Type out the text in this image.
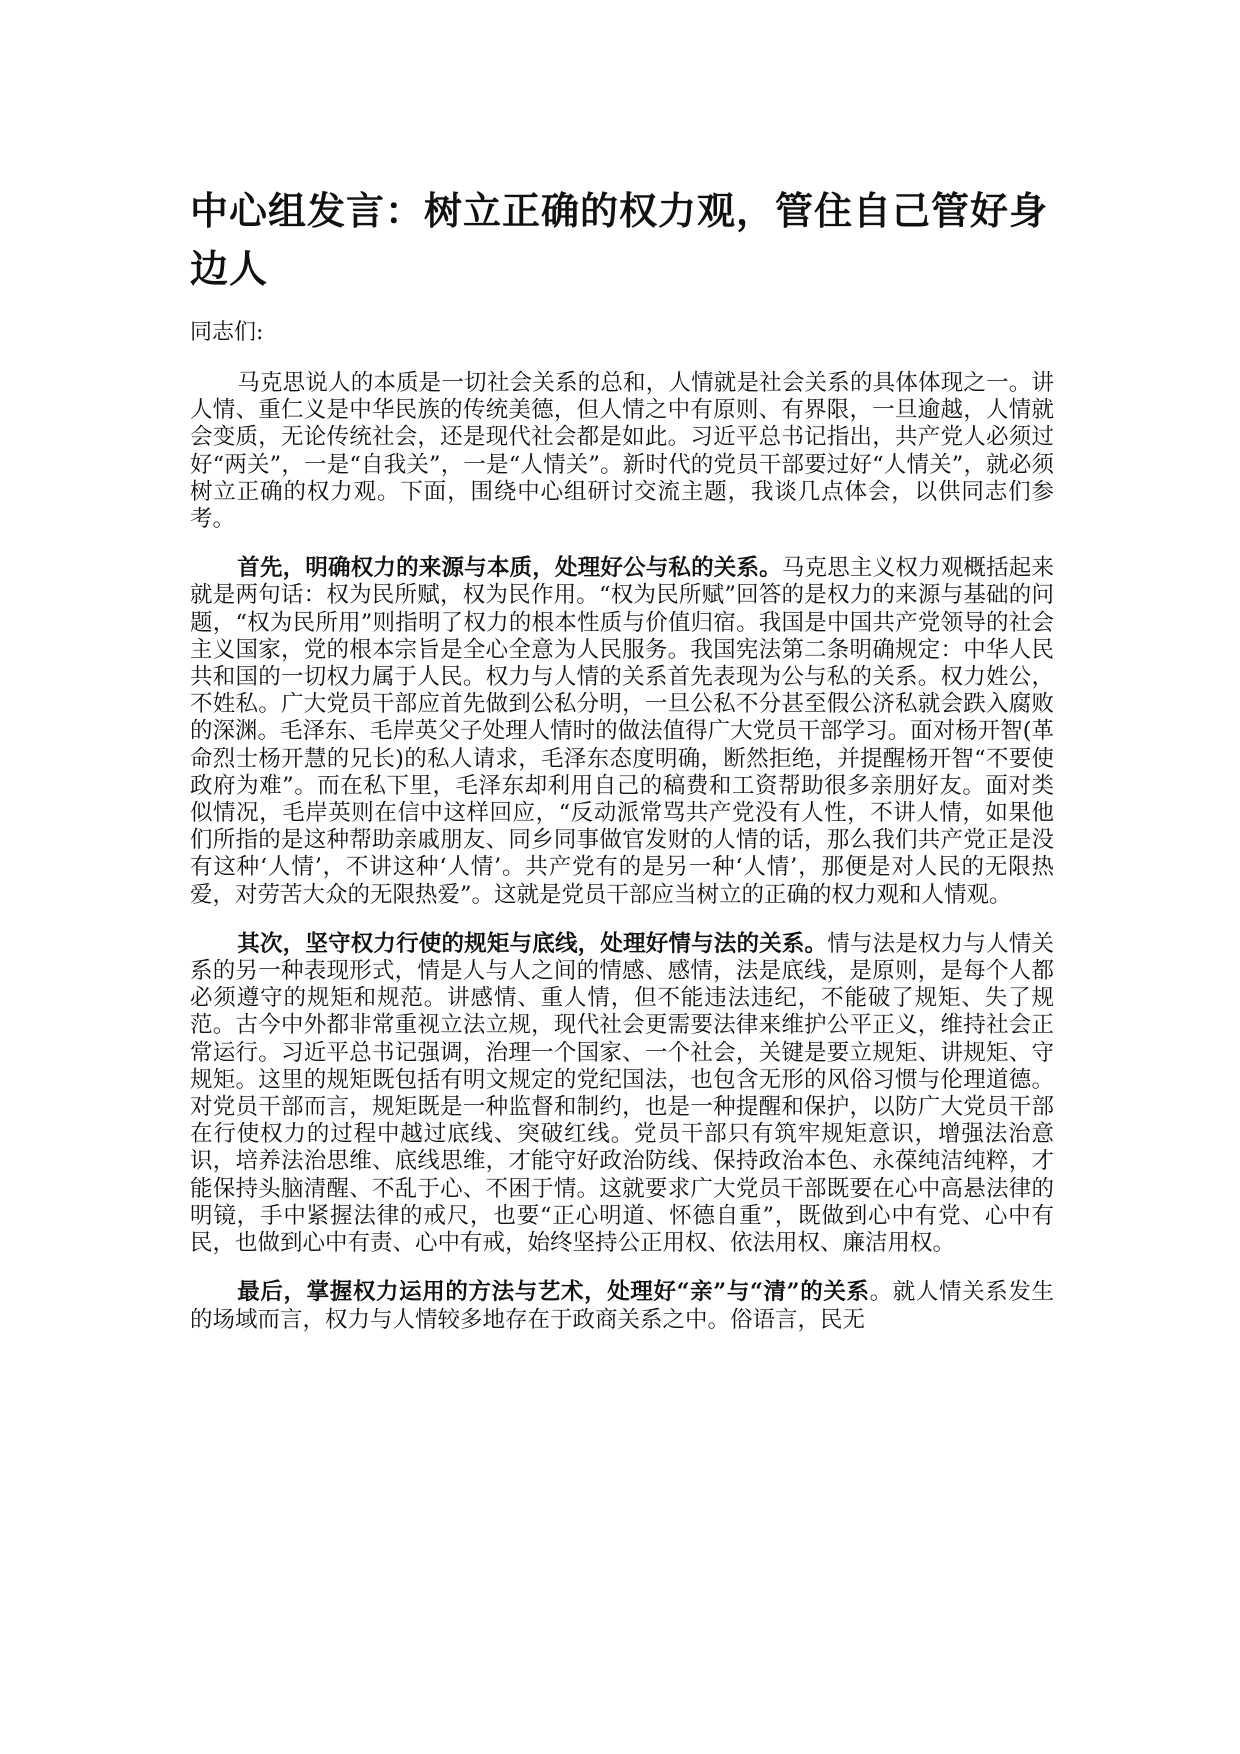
中心组发言：树立正确的权力观，管住自己管好身边人

同志们:

马克思说人的本质是一切社会关系的总和，人情就是社会关系的具体体现之一。讲人情、重仁义是中华民族的传统美德，但人情之中有原则、有界限，一旦逾越，人情就会变质，无论传统社会，还是现代社会都是如此。习近平总书记指出，共产党人必须过好“两关”，一是“自我关”，一是“人情关”。新时代的党员干部要过好“人情关”，就必须树立正确的权力观。下面，围绕中心组研讨交流主题，我谈几点体会，以供同志们参考。

首先，明确权力的来源与本质，处理好公与私的关系。马克思主义权力观概括起来就是两句话：权为民所赋，权为民作用。“权为民所赋”回答的是权力的来源与基础的问题，“权为民所用”则指明了权力的根本性质与价值归宿。我国是中国共产党领导的社会主义国家，党的根本宗旨是全心全意为人民服务。我国宪法第二条明确规定：中华人民共和国的一切权力属于人民。权力与人情的关系首先表现为公与私的关系。权力姓公，不姓私。广大党员干部应首先做到公私分明，一旦公私不分甚至假公济私就会跌入腐败的深渊。毛泽东、毛岸英父子处理人情时的做法值得广大党员干部学习。面对杨开智(革命烈士杨开慧的兄长)的私人请求，毛泽东态度明确，断然拒绝，并提醒杨开智“不要使政府为难”。而在私下里，毛泽东却利用自己的稿费和工资帮助很多亲朋好友。面对类似情况，毛岸英则在信中这样回应，“反动派常骂共产党没有人性，不讲人情，如果他们所指的是这种帮助亲戚朋友、同乡同事做官发财的人情的话，那么我们共产党正是没有这种‘人情’，不讲这种‘人情’。共产党有的是另一种‘人情’，那便是对人民的无限热爱，对劳苦大众的无限热爱”。这就是党员干部应当树立的正确的权力观和人情观。

其次，坚守权力行使的规矩与底线，处理好情与法的关系。情与法是权力与人情关系的另一种表现形式，情是人与人之间的情感、感情，法是底线，是原则，是每个人都必须遵守的规矩和规范。讲感情、重人情，但不能违法违纪，不能破了规矩、失了规范。古今中外都非常重视立法立规，现代社会更需要法律来维护公平正义，维持社会正常运行。习近平总书记强调，治理一个国家、一个社会，关键是要立规矩、讲规矩、守规矩。这里的规矩既包括有明文规定的党纪国法，也包含无形的风俗习惯与伦理道德。对党员干部而言，规矩既是一种监督和制约，也是一种提醒和保护，以防广大党员干部在行使权力的过程中越过底线、突破红线。党员干部只有筑牢规矩意识，增强法治意识，培养法治思维、底线思维，才能守好政治防线、保持政治本色、永葆纯洁纯粹，才能保持头脑清醒、不乱于心、不困于情。这就要求广大党员干部既要在心中高悬法律的明镜，手中紧握法律的戒尺，也要“正心明道、怀德自重”，既做到心中有党、心中有民，也做到心中有责、心中有戒，始终坚持公正用权、依法用权、廉洁用权。

最后，掌握权力运用的方法与艺术，处理好“亲”与“清”的关系。就人情关系发生的场域而言，权力与人情较多地存在于政商关系之中。俗语言，民无
